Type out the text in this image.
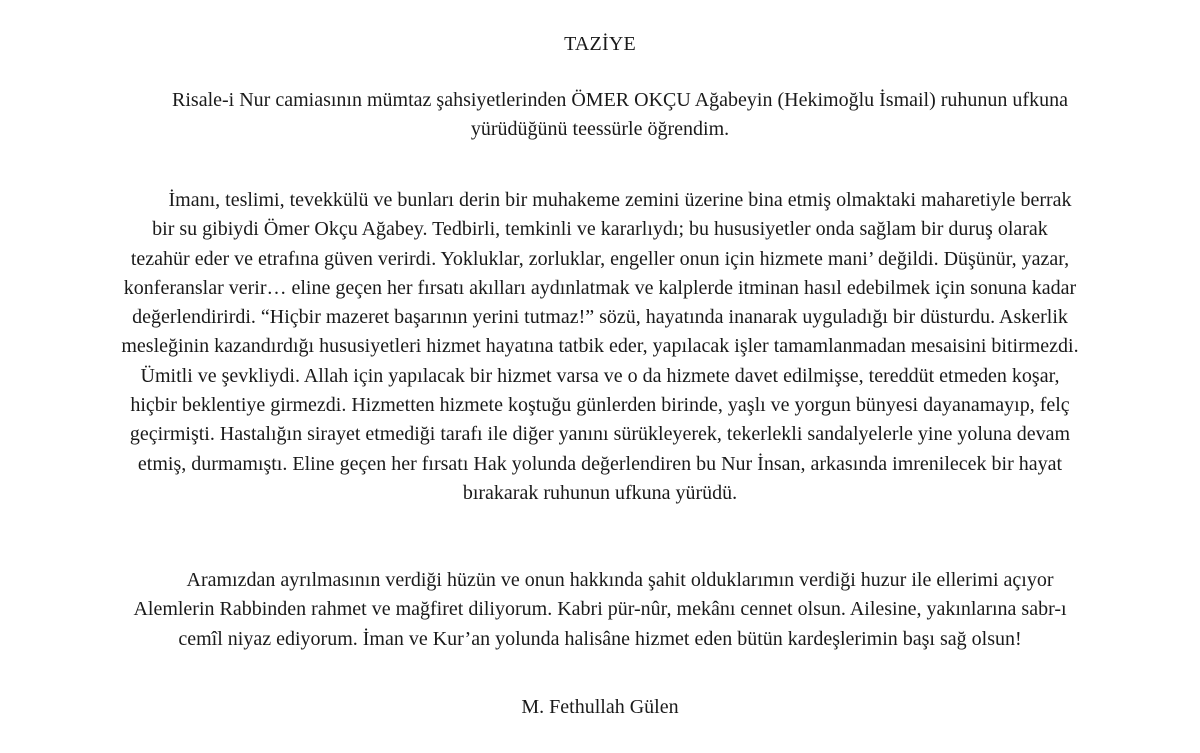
TAZİYE
Risale-i Nur camiasının mümtaz şahsiyetlerinden ÖMER OKÇU Ağabeyin (Hekimoğlu İsmail) ruhunun ufkuna
yürüdüğünü teessürle öğrendim.
İmanı, teslimi, tevekkülü ve bunları derin bir muhakeme zemini üzerine bina etmiş olmaktaki maharetiyle berrak
bir su gibiydi Ömer Okçu Ağabey. Tedbirli, temkinli ve kararlıydı; bu hususiyetler onda sağlam bir duruş olarak
tezahür eder ve etrafına güven verirdi. Yokluklar, zorluklar, engeller onun için hizmete mani’ değildi. Düşünür, yazar,
konferanslar verir… eline geçen her fırsatı akılları aydınlatmak ve kalplerde itminan hasıl edebilmek için sonuna kadar
değerlendirirdi. “Hiçbir mazeret başarının yerini tutmaz!” sözü, hayatında inanarak uyguladığı bir düsturdu. Askerlik
mesleğinin kazandırdığı hususiyetleri hizmet hayatına tatbik eder, yapılacak işler tamamlanmadan mesaisini bitirmezdi.
Ümitli ve şevkliydi. Allah için yapılacak bir hizmet varsa ve o da hizmete davet edilmişse, tereddüt etmeden koşar,
hiçbir beklentiye girmezdi. Hizmetten hizmete koştuğu günlerden birinde, yaşlı ve yorgun bünyesi dayanamayıp, felç
geçirmişti. Hastalığın sirayet etmediği tarafı ile diğer yanını sürükleyerek, tekerlekli sandalyelerle yine yoluna devam
etmiş, durmamıştı. Eline geçen her fırsatı Hak yolunda değerlendiren bu Nur İnsan, arkasında imrenilecek bir hayat
bırakarak ruhunun ufkuna yürüdü.
Aramızdan ayrılmasının verdiği hüzün ve onun hakkında şahit olduklarımın verdiği huzur ile ellerimi açıyor
Alemlerin Rabbinden rahmet ve mağfiret diliyorum. Kabri pür-nûr, mekânı cennet olsun. Ailesine, yakınlarına sabr-ı
cemîl niyaz ediyorum. İman ve Kur’an yolunda halisâne hizmet eden bütün kardeşlerimin başı sağ olsun!
M. Fethullah Gülen
